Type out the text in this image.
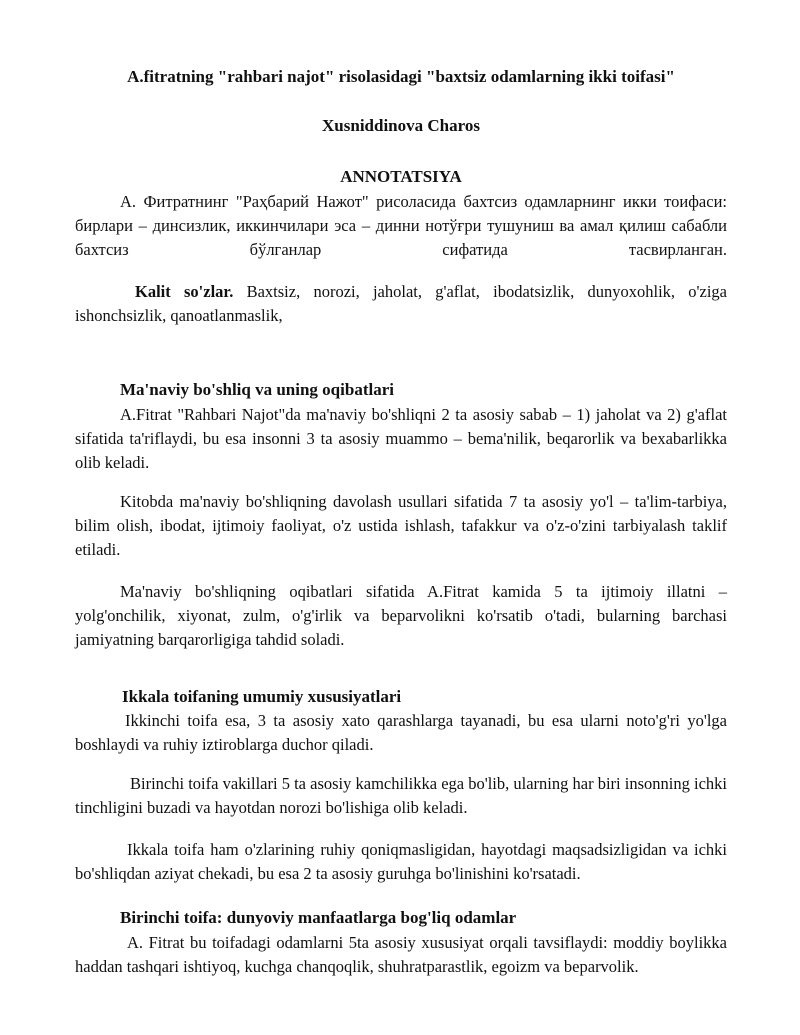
A.fitratning "rahbari najot" risolasidagi "baxtsiz odamlarning ikki toifasi"
Xusniddinova Charos
ANNOTATSIYA
А. Фитратнинг "Раҳбарий Нажот" рисоласида бахтсиз одамларнинг икки тоифаси: бирлари – динсизлик, иккинчилари эса – динни нотўғри тушуниш ва амал қилиш сабабли бахтсиз бўлганлар сифатида тасвирланган.
Kalit so'zlar. Baxtsiz, norozi, jaholat, g'aflat, ibodatsizlik, dunyoxohlik, o'ziga ishonchsizlik, qanoatlanmaslik,
Ma'naviy bo'shliq va uning oqibatlari
A.Fitrat "Rahbari Najot"da ma'naviy bo'shliqni 2 ta asosiy sabab – 1) jaholat va 2) g'aflat sifatida ta'riflaydi, bu esa insonni 3 ta asosiy muammo – bema'nilik, beqarorlik va bexabarlikka olib keladi.
Kitobda ma'naviy bo'shliqning davolash usullari sifatida 7 ta asosiy yo'l – ta'lim-tarbiya, bilim olish, ibodat, ijtimoiy faoliyat, o'z ustida ishlash, tafakkur va o'z-o'zini tarbiyalash taklif etiladi.
Ma'naviy bo'shliqning oqibatlari sifatida A.Fitrat kamida 5 ta ijtimoiy illatni – yolg'onchilik, xiyonat, zulm, o'g'irlik va beparvolikni ko'rsatib o'tadi, bularning barchasi jamiyatning barqarorligiga tahdid soladi.
Ikkala toifaning umumiy xususiyatlari
Ikkinchi toifa esa, 3 ta asosiy xato qarashlarga tayanadi, bu esa ularni noto'g'ri yo'lga boshlaydi va ruhiy iztiroblarga duchor qiladi.
Birinchi toifa vakillari 5 ta asosiy kamchilikka ega bo'lib, ularning har biri insonning ichki tinchligini buzadi va hayotdan norozi bo'lishiga olib keladi.
Ikkala toifa ham o'zlarining ruhiy qoniqmasligidan, hayotdagi maqsadsizligidan va ichki bo'shliqdan aziyat chekadi, bu esa 2 ta asosiy guruhga bo'linishini ko'rsatadi.
Birinchi toifa: dunyoviy manfaatlarga bog'liq odamlar
A. Fitrat bu toifadagi odamlarni 5ta asosiy xususiyat orqali tavsiflaydi: moddiy boylikka haddan tashqari ishtiyoq, kuchga chanqoqlik, shuhratparastlik, egoizm va beparvolik.
